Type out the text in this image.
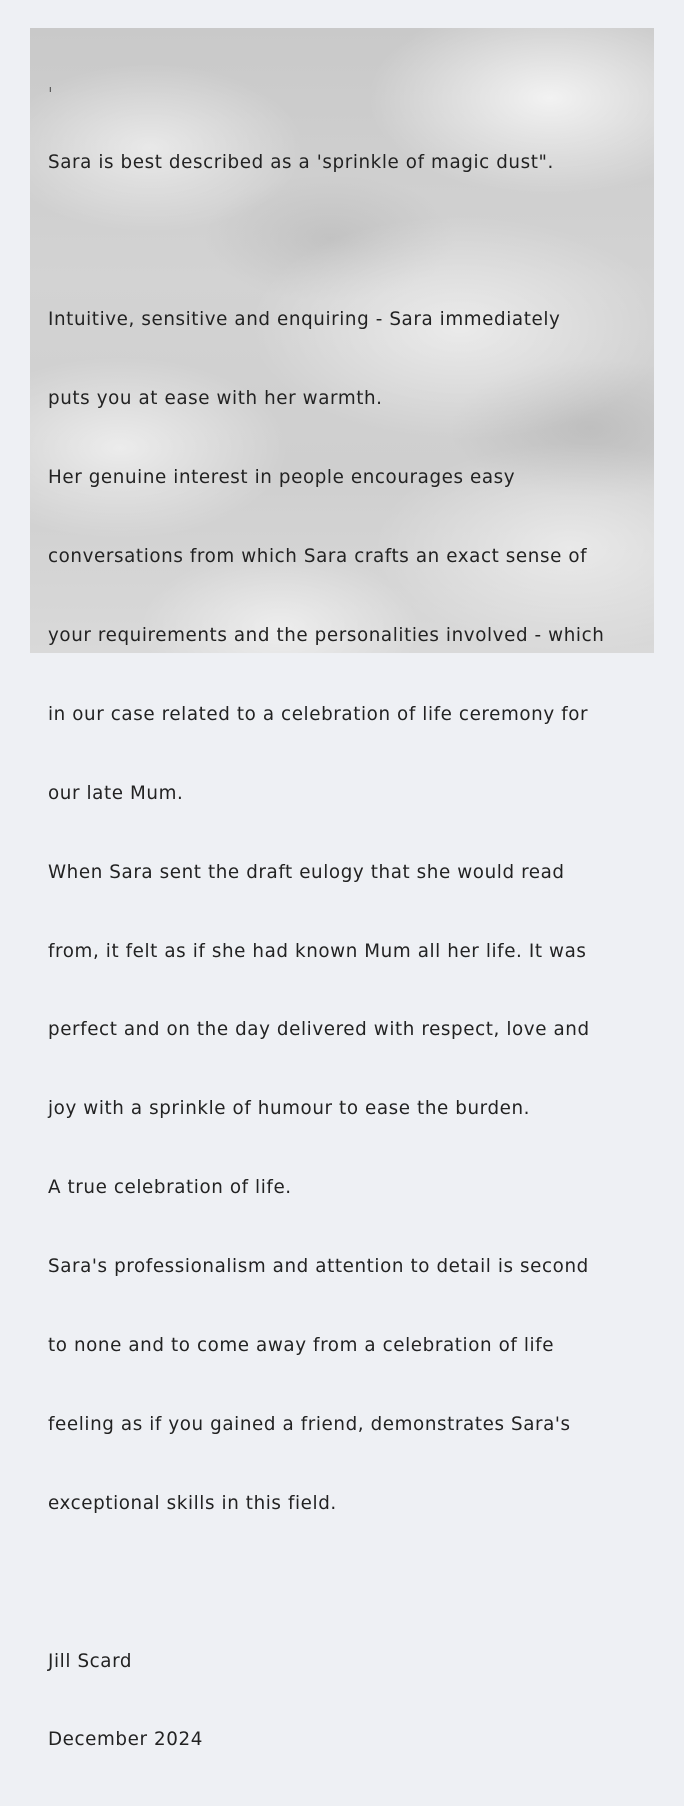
ı

Sara is best described as a 'sprinkle of magic dust".

Intuitive, sensitive and enquiring - Sara immediately

puts you at ease with her warmth.

Her genuine interest in people encourages easy

conversations from which Sara crafts an exact sense of

your requirements and the personalities involved - which

in our case related to a celebration of life ceremony for

our late Mum.

When Sara sent the draft eulogy that she would read

from, it felt as if she had known Mum all her life. It was

perfect and on the day delivered with respect, love and

joy with a sprinkle of humour to ease the burden.

A true celebration of life.

Sara's professionalism and attention to detail is second

to none and to come away from a celebration of life

feeling as if you gained a friend, demonstrates Sara's

exceptional skills in this field.

Jill Scard

December 2024
